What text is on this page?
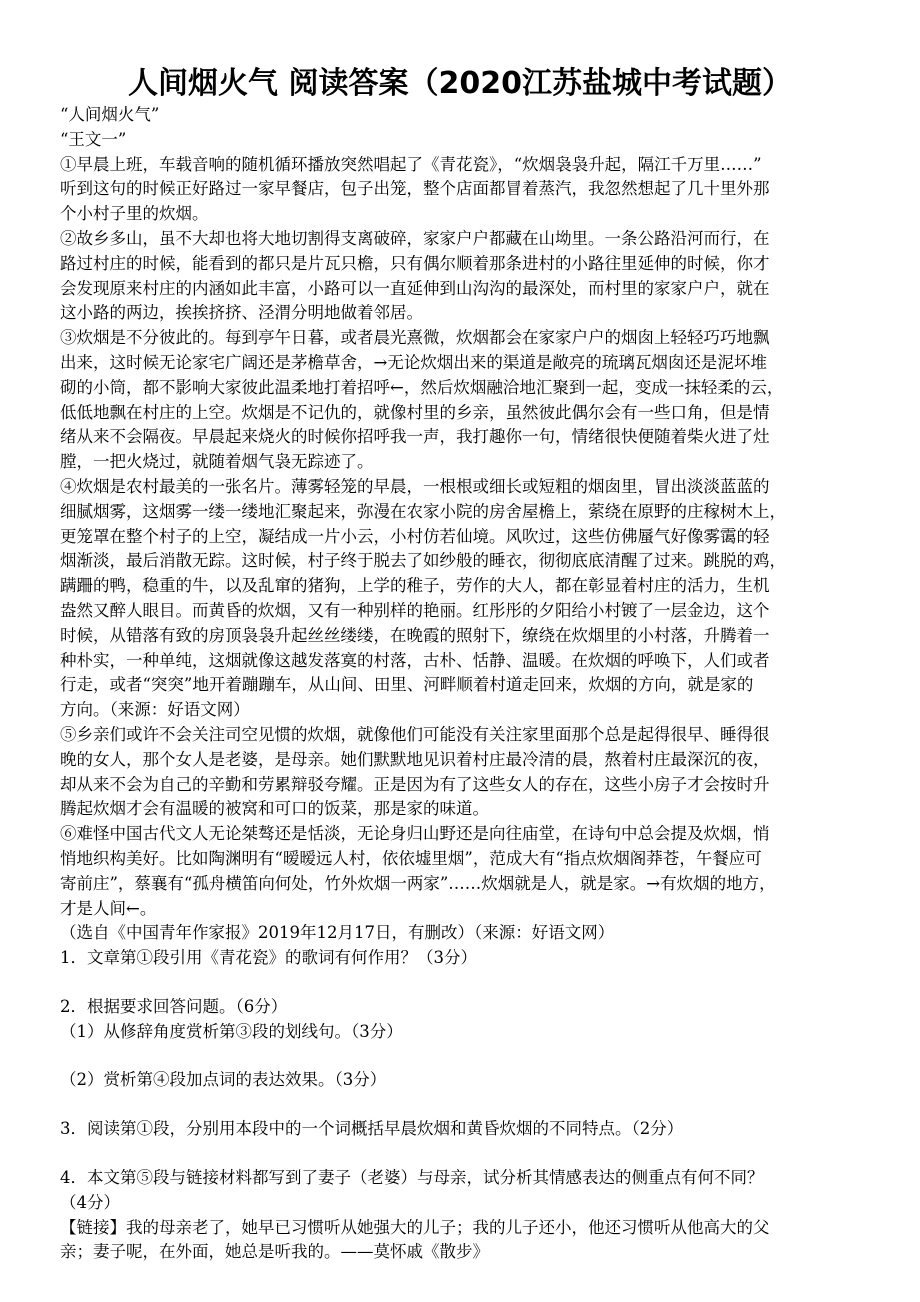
人间烟火气 阅读答案（2020江苏盐城中考试题）

“人间烟火气”

“王文一”

①早晨上班，车载音响的随机循环播放突然唱起了《青花瓷》，“炊烟袅袅升起，隔江千万里……”

听到这句的时候正好路过一家早餐店，包子出笼，整个店面都冒着蒸汽，我忽然想起了几十里外那

个小村子里的炊烟。

②故乡多山，虽不大却也将大地切割得支离破碎，家家户户都藏在山坳里。一条公路沿河而行，在

路过村庄的时候，能看到的都只是片瓦只檐，只有偶尔顺着那条进村的小路往里延伸的时候，你才

会发现原来村庄的内涵如此丰富，小路可以一直延伸到山沟沟的最深处，而村里的家家户户，就在

这小路的两边，挨挨挤挤、泾渭分明地做着邻居。

③炊烟是不分彼此的。每到亭午日暮，或者晨光熹微，炊烟都会在家家户户的烟囱上轻轻巧巧地飘

出来，这时候无论家宅广阔还是茅檐草舍，→无论炊烟出来的渠道是敞亮的琉璃瓦烟囱还是泥坏堆

砌的小筒，都不影响大家彼此温柔地打着招呼←，然后炊烟融洽地汇聚到一起，变成一抹轻柔的云，

低低地飘在村庄的上空。炊烟是不记仇的，就像村里的乡亲，虽然彼此偶尔会有一些口角，但是情

绪从来不会隔夜。早晨起来烧火的时候你招呼我一声，我打趣你一句，情绪很快便随着柴火进了灶

膛，一把火烧过，就随着烟气袅无踪迹了。

④炊烟是农村最美的一张名片。薄雾轻笼的早晨，一根根或细长或短粗的烟囱里，冒出淡淡蓝蓝的

细腻烟雾，这烟雾一缕一缕地汇聚起来，弥漫在农家小院的房舍屋檐上，萦绕在原野的庄稼树木上，

更笼罩在整个村子的上空，凝结成一片小云，小村仿若仙境。风吹过，这些仿佛蜃气好像雾霭的轻

烟渐淡，最后消散无踪。这时候，村子终于脱去了如纱般的睡衣，彻彻底底清醒了过来。跳脱的鸡，

蹒跚的鸭，稳重的牛，以及乱窜的猪狗，上学的稚子，劳作的大人，都在彰显着村庄的活力，生机

盎然又醉人眼目。而黄昏的炊烟，又有一种别样的艳丽。红彤彤的夕阳给小村镀了一层金边，这个

时候，从错落有致的房顶袅袅升起丝丝缕缕，在晚霞的照射下，缭绕在炊烟里的小村落，升腾着一

种朴实，一种单纯，这烟就像这越发落寞的村落，古朴、恬静、温暖。在炊烟的呼唤下，人们或者

行走，或者“突突”地开着蹦蹦车，从山间、田里、河畔顺着村道走回来，炊烟的方向，就是家的

方向。（来源：好语文网）

⑤乡亲们或许不会关注司空见惯的炊烟，就像他们可能没有关注家里面那个总是起得很早、睡得很

晚的女人，那个女人是老婆，是母亲。她们默默地见识着村庄最冷清的晨，熬着村庄最深沉的夜，

却从来不会为自己的辛勤和劳累辩驳夸耀。正是因为有了这些女人的存在，这些小房子才会按时升

腾起炊烟才会有温暖的被窝和可口的饭菜，那是家的味道。

⑥难怪中国古代文人无论桀骜还是恬淡，无论身归山野还是向往庙堂，在诗句中总会提及炊烟，悄

悄地织构美好。比如陶渊明有“暧暧远人村，依依墟里烟”，范成大有“指点炊烟阁莽苍，午餐应可

寄前庄”，蔡襄有“孤舟横笛向何处，竹外炊烟一两家”……炊烟就是人，就是家。→有炊烟的地方，

才是人间←。

（选自《中国青年作家报》2019年12月17日，有删改）（来源：好语文网）

1．文章第①段引用《青花瓷》的歌词有何作用？（3分）

2．根据要求回答问题。（6分）

（1）从修辞角度赏析第③段的划线句。（3分）

（2）赏析第④段加点词的表达效果。（3分）

3．阅读第①段，分别用本段中的一个词概括早晨炊烟和黄昏炊烟的不同特点。（2分）

4．本文第⑤段与链接材料都写到了妻子（老婆）与母亲，试分析其情感表达的侧重点有何不同？

（4分）

【链接】我的母亲老了，她早已习惯听从她强大的儿子；我的儿子还小，他还习惯听从他高大的父

亲；妻子呢，在外面，她总是听我的。——莫怀戚《散步》
